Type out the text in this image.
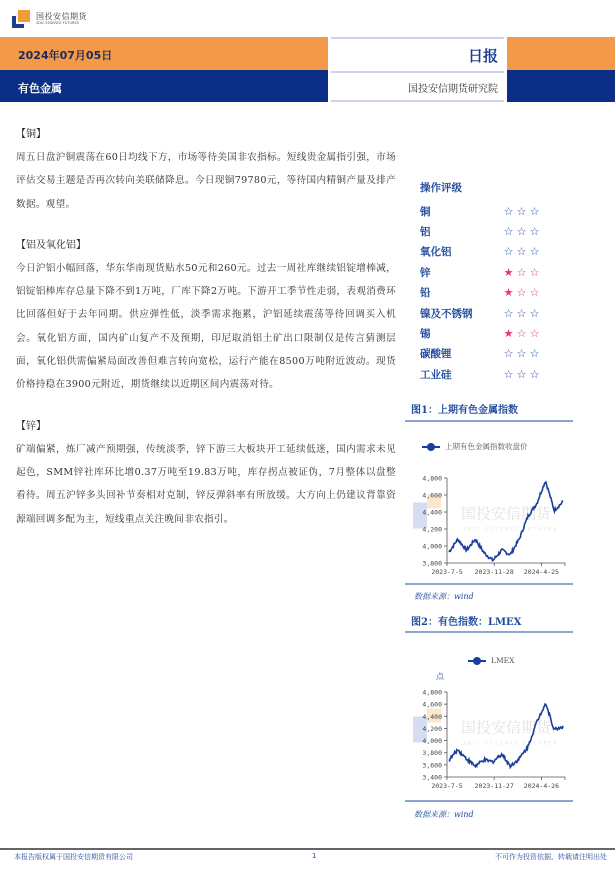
国投安信期货
SDIC ESSENCE FUTURES
2024年07月05日
有色金属
日报
国投安信期货研究院
【铜】
周五日盘沪铜震荡在60日均线下方，市场等待美国非农指标。短线贵金属指引强，市场评估交易主题是否再次转向美联储降息。今日现铜79780元，等待国内精铜产量及排产数据。观望。
【铝及氧化铝】
今日沪铝小幅回落，华东华南现货贴水50元和260元。过去一周社库继续铝锭增棒减，铝锭铝棒库存总量下降不到1万吨，厂库下降2万吨。下游开工季节性走弱，表观消费环比回落但好于去年同期。供应弹性低，淡季需求拖累，沪铝延续震荡等待回调买入机会。氧化铝方面，国内矿山复产不及预期，印尼取消铝土矿出口限制仅是传言猜测层面，氧化铝供需偏紧局面改善但难言转向宽松，运行产能在8500万吨附近波动。现货价格持稳在3900元附近，期货继续以近期区间内震荡对待。
【锌】
矿端偏紧，炼厂减产预期强，传统淡季，锌下游三大板块开工延续低迷，国内需求未见起色，SMM锌社库环比增0.37万吨至19.83万吨，库存拐点被证伪，7月整体以盘整看待。周五沪锌多头回补节奏相对克制，锌反弹斜率有所放缓。大方向上仍建议背靠资源端回调多配为主，短线重点关注晚间非农指引。
操作评级
铜	☆ ☆ ☆
铝	☆ ☆ ☆
氧化铝	☆ ☆ ☆
锌	★ ☆ ☆
铅	★ ☆ ☆
镍及不锈钢	☆ ☆ ☆
锡	★ ☆ ☆
碳酸锂	☆ ☆ ☆
工业硅	☆ ☆ ☆
图1：上期有色金属指数
上期有色金属指数收盘价
国投安信期货
SDIC ESSENCE FUTURES
4,800
4,600
4,400
4,200
4,000
3,800
2023-7-5 2023-11-28 2024-4-25
数据来源：wind
图2：有色指数：LMEX
LMEX
点
国投安信期货
SDIC ESSENCE FUTURES
4,800
4,600
4,400
4,200
4,000
3,800
3,600
3,400
2023-7-5 2023-11-27 2024-4-26
数据来源：wind
本报告版权属于国投安信期货有限公司	1	不可作为投资依据，转载请注明出处
